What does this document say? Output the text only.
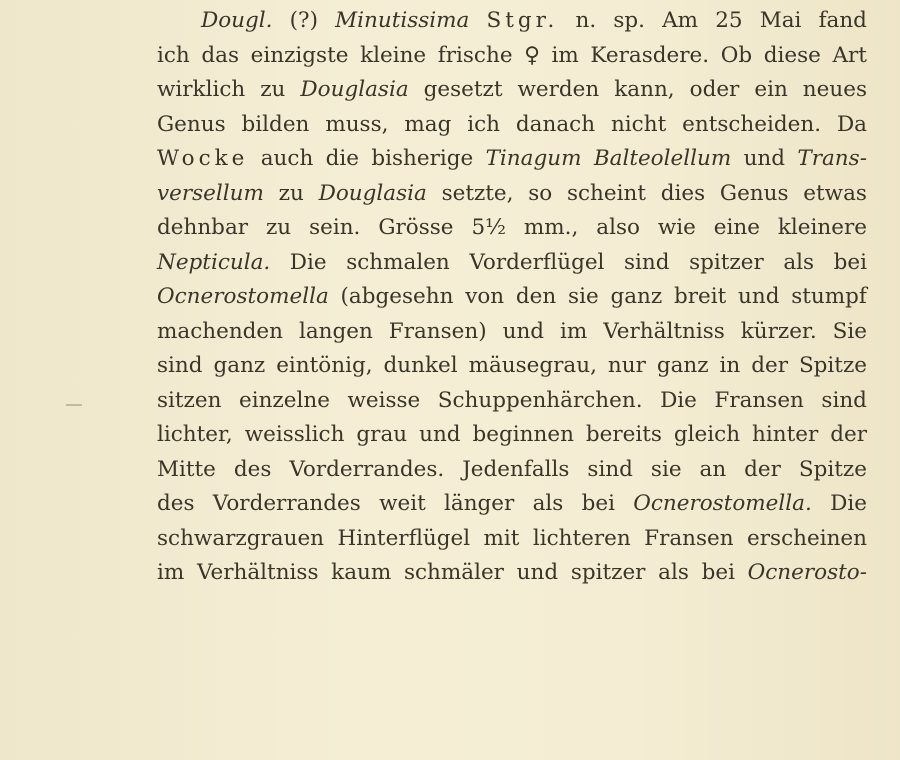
Dougl. (?) Minutissima Stgr. n. sp. Am 25 Mai fand
ich das einzigste kleine frische ♀ im Kerasdere. Ob diese Art
wirklich zu Douglasia gesetzt werden kann, oder ein neues
Genus bilden muss, mag ich danach nicht entscheiden. Da
Wocke auch die bisherige Tinagum Balteolellum und Trans-
versellum zu Douglasia setzte, so scheint dies Genus etwas
dehnbar zu sein. Grösse 5½ mm., also wie eine kleinere
Nepticula. Die schmalen Vorderflügel sind spitzer als bei
Ocnerostomella (abgesehn von den sie ganz breit und stumpf
machenden langen Fransen) und im Verhältniss kürzer. Sie
sind ganz eintönig, dunkel mäusegrau, nur ganz in der Spitze
sitzen einzelne weisse Schuppenhärchen. Die Fransen sind
lichter, weisslich grau und beginnen bereits gleich hinter der
Mitte des Vorderrandes. Jedenfalls sind sie an der Spitze
des Vorderrandes weit länger als bei Ocnerostomella. Die
schwarzgrauen Hinterflügel mit lichteren Fransen erscheinen
im Verhältniss kaum schmäler und spitzer als bei Ocnerosto-
